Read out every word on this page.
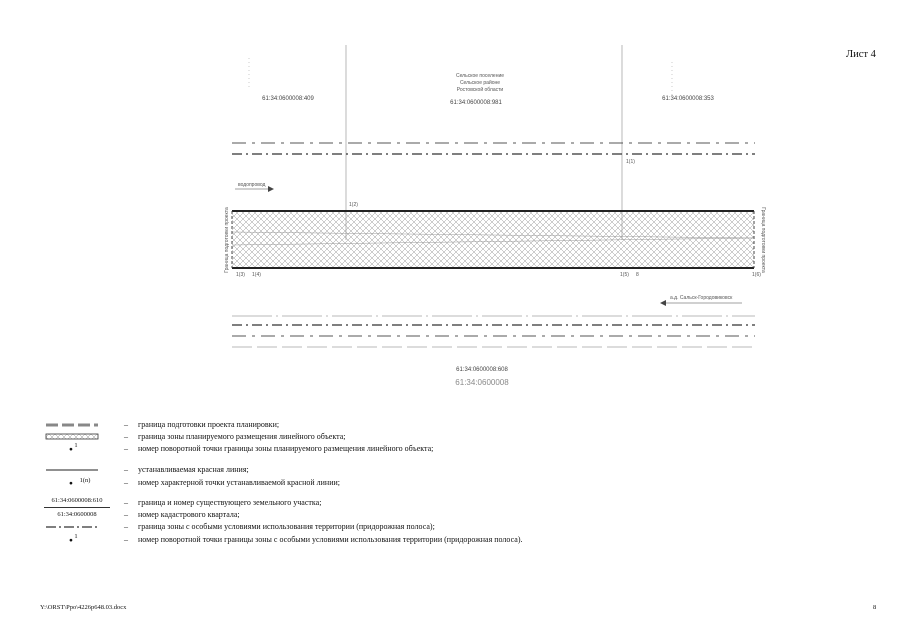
Лист 4
Сельское поселение
Сельское районе
Ростовской области
61:34:0600008:409
61:34:0600008:981
61:34:0600008:353
1(1)
водопровод
1(2)
1(3) 1(4)	1(5) 8	1(6)
Граница подготовки проекта	Граница подготовки проекта
а.д. Сальск-Городовиковск
61:34:0600008:608
61:34:0600008
– граница подготовки проекта планировки;
– граница зоны планируемого размещения линейного объекта;
●
1	– номер поворотной точки границы зоны планируемого размещения линейного объекта;
– устанавливаемая красная линия;
●	1(n)	– номер характерной точки устанавливаемой красной линии;
61:34:0600008:610	– граница и номер существующего земельного участка;
61:34:0600008	– номер кадастрового квартала;
– граница зоны с особыми условиями использования территории (придорожная полоса);
●
1	– номер поворотной точки границы зоны с особыми условиями использования территории (придорожная полоса).
Y:\ORST\Ppo\4226p648.03.docx	8
